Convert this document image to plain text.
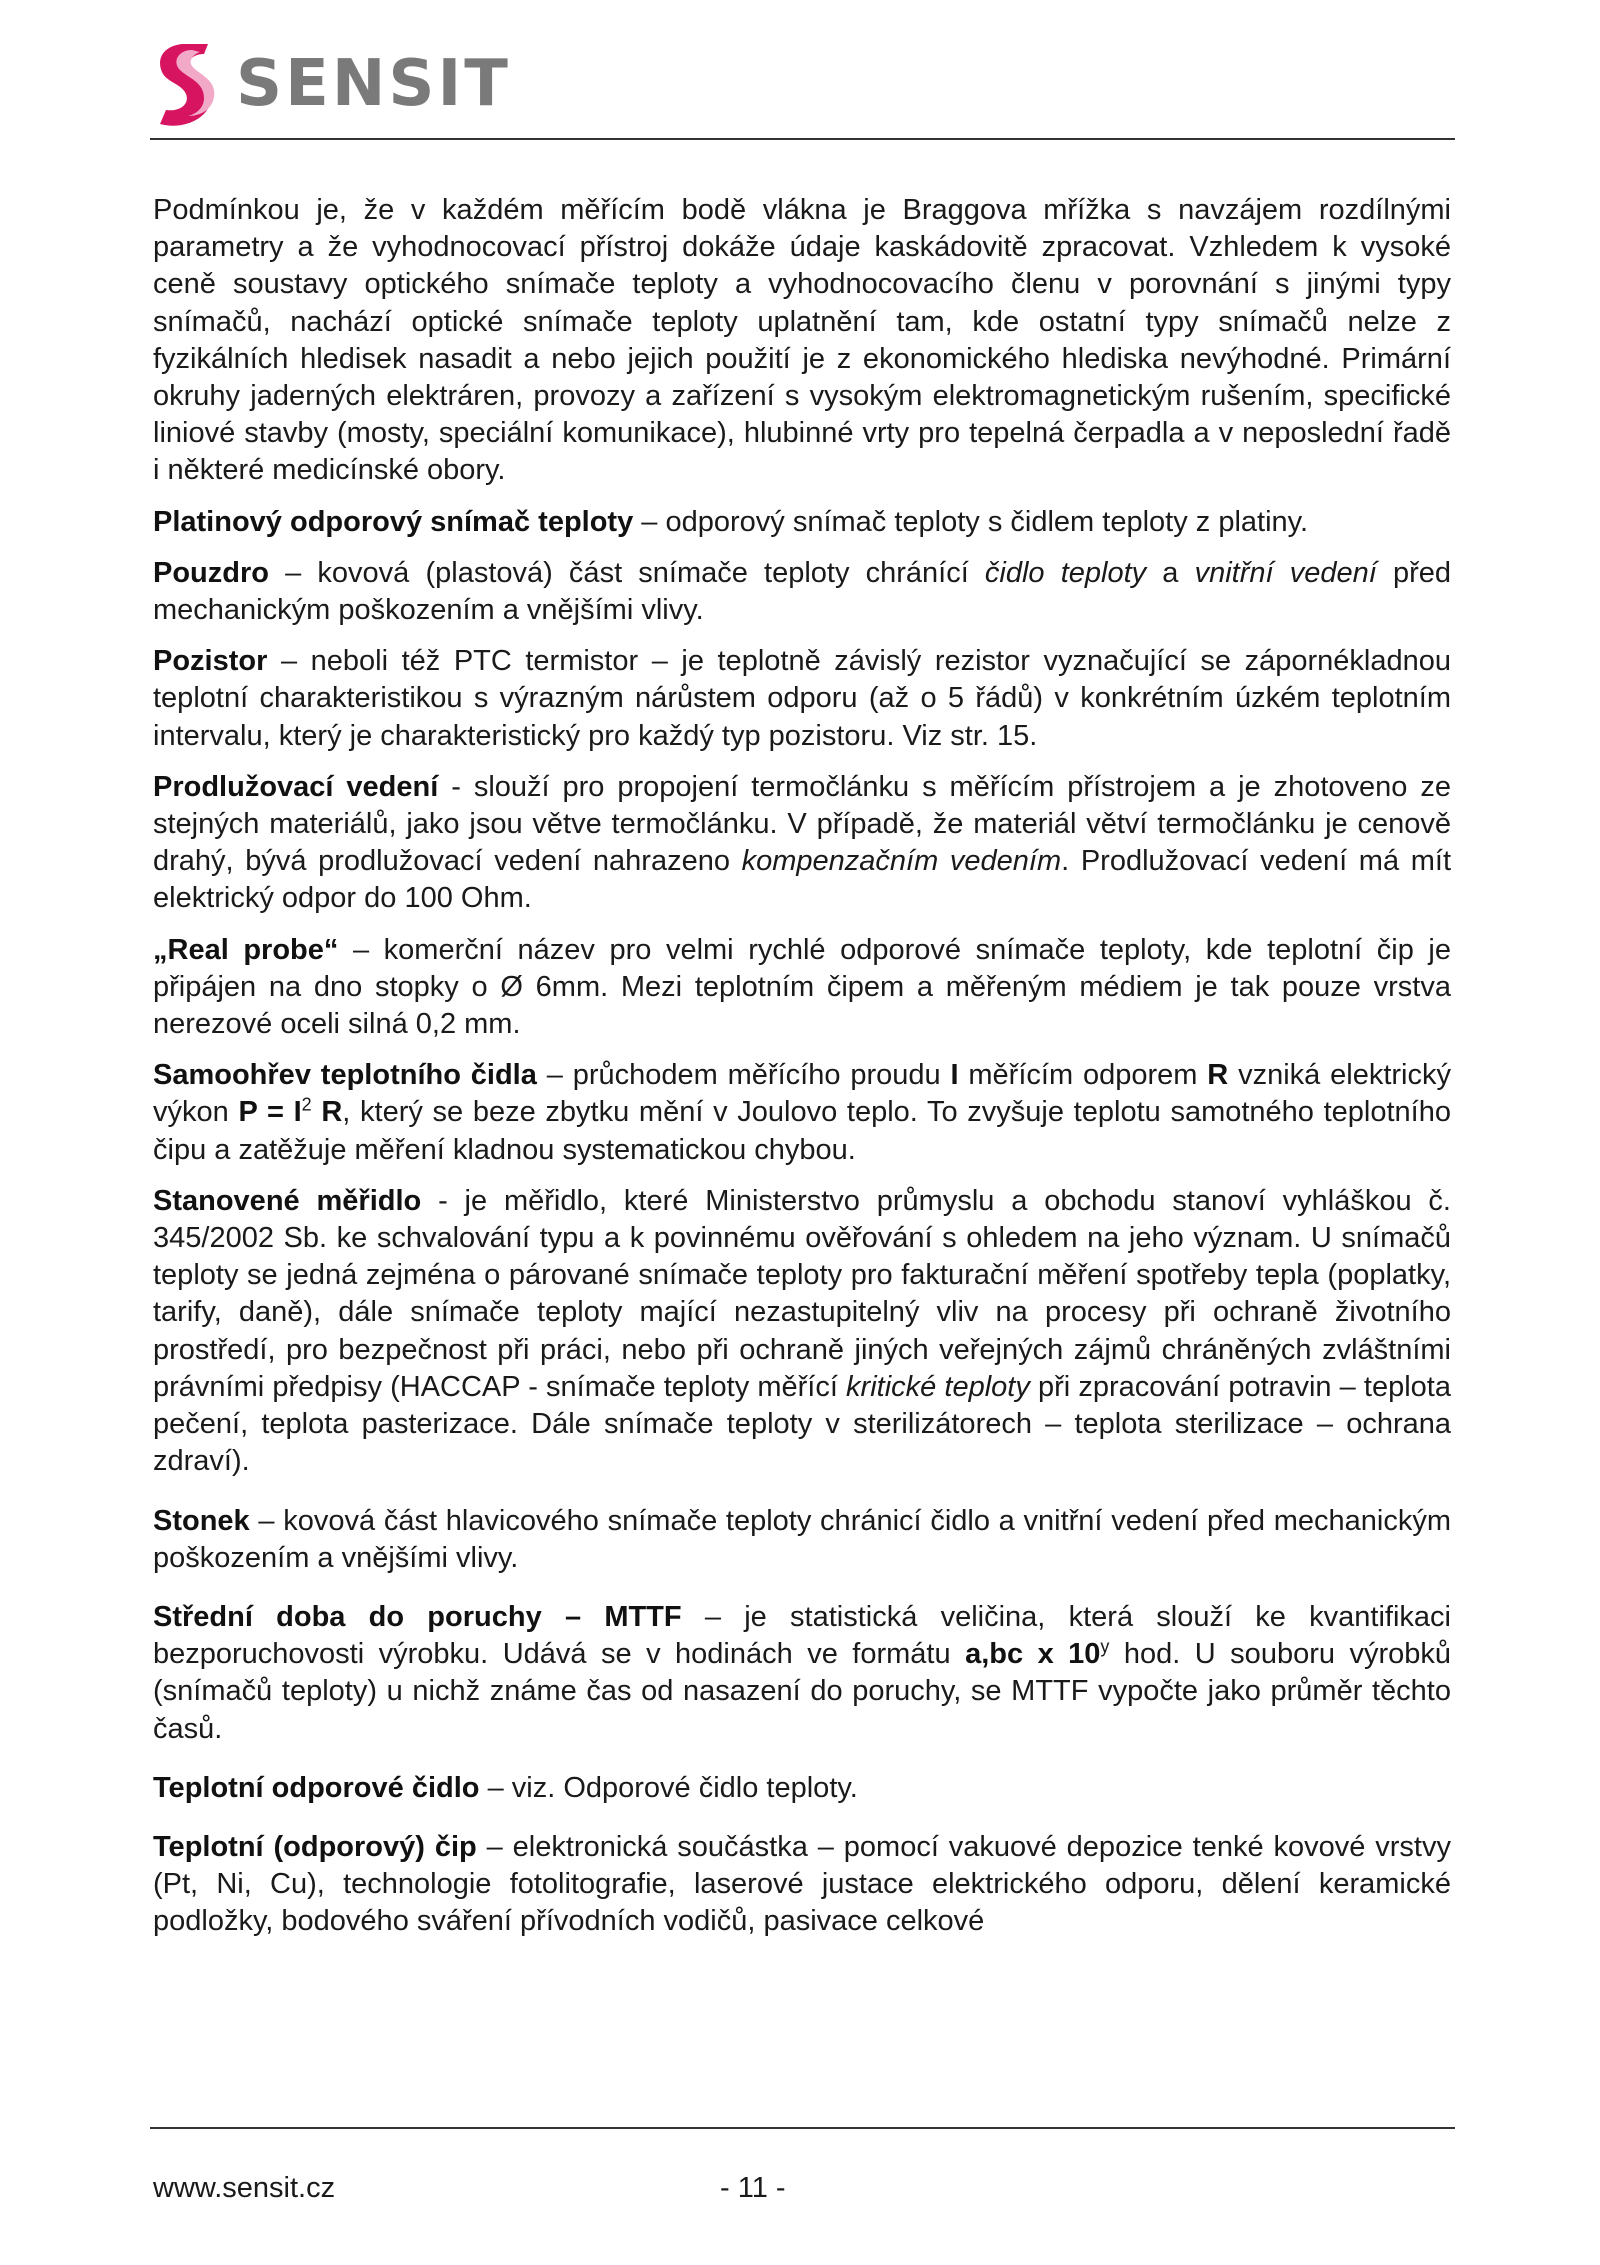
SENSIT

Podmínkou je, že v každém měřícím bodě vlákna je Braggova mřížka s navzájem rozdílnými parametry a že vyhodnocovací přístroj dokáže údaje kaskádovitě zpracovat. Vzhledem k vysoké ceně soustavy optického snímače teploty a vyhodnocovacího členu v porovnání s jinými typy snímačů, nachází optické snímače teploty uplatnění tam, kde ostatní typy snímačů nelze z fyzikálních hledisek nasadit a nebo jejich použití je z ekonomického hlediska nevýhodné. Primární okruhy jaderných elektráren, provozy a zařízení s vysokým elektromagnetickým rušením, specifické liniové stavby (mosty, speciální komunikace), hlubinné vrty pro tepelná čerpadla a v neposlední řadě i některé medicínské obory.

Platinový odporový snímač teploty – odporový snímač teploty s čidlem teploty z platiny.

Pouzdro – kovová (plastová) část snímače teploty chránící čidlo teploty a vnitřní vedení před mechanickým poškozením a vnějšími vlivy.

Pozistor – neboli též PTC termistor – je teplotně závislý rezistor vyznačující se zápornékladnou teplotní charakteristikou s výrazným nárůstem odporu (až o 5 řádů) v konkrétním úzkém teplotním intervalu, který je charakteristický pro každý typ pozistoru. Viz str. 15.

Prodlužovací vedení - slouží pro propojení termočlánku s měřícím přístrojem a je zhotoveno ze stejných materiálů, jako jsou větve termočlánku. V případě, že materiál větví termočlánku je cenově drahý, bývá prodlužovací vedení nahrazeno kompenzačním vedením. Prodlužovací vedení má mít elektrický odpor do 100 Ohm.

„Real probe“ – komerční název pro velmi rychlé odporové snímače teploty, kde teplotní čip je připájen na dno stopky o Ø 6mm. Mezi teplotním čipem a měřeným médiem je tak pouze vrstva nerezové oceli silná 0,2 mm.

Samoohřev teplotního čidla – průchodem měřícího proudu I měřícím odporem R vzniká elektrický výkon $P = I^2$ R, který se beze zbytku mění v Joulovo teplo. To zvyšuje teplotu samotného teplotního čipu a zatěžuje měření kladnou systematickou chybou.

Stanovené měřidlo - je měřidlo, které Ministerstvo průmyslu a obchodu stanoví vyhláškou č. 345/2002 Sb. ke schvalování typu a k povinnému ověřování s ohledem na jeho význam. U snímačů teploty se jedná zejména o párované snímače teploty pro fakturační měření spotřeby tepla (poplatky, tarify, daně), dále snímače teploty mající nezastupitelný vliv na procesy při ochraně životního prostředí, pro bezpečnost při práci, nebo při ochraně jiných veřejných zájmů chráněných zvláštními právními předpisy (HACCAP - snímače teploty měřící kritické teploty při zpracování potravin – teplota pečení, teplota pasterizace. Dále snímače teploty v sterilizátorech – teplota sterilizace – ochrana zdraví).

Stonek – kovová část hlavicového snímače teploty chránicí čidlo a vnitřní vedení před mechanickým poškozením a vnějšími vlivy.

Střední doba do poruchy – MTTF – je statistická veličina, která slouží ke kvantifikaci bezporuchovosti výrobku. Udává se v hodinách ve formátu a,bc x 10$^y$ hod. U souboru výrobků (snímačů teploty) u nichž známe čas od nasazení do poruchy, se MTTF vypočte jako průměr těchto časů.

Teplotní odporové čidlo – viz. Odporové čidlo teploty.

Teplotní (odporový) čip – elektronická součástka – pomocí vakuové depozice tenké kovové vrstvy (Pt, Ni, Cu), technologie fotolitografie, laserové justace elektrického odporu, dělení keramické podložky, bodového sváření přívodních vodičů, pasivace celkové

www.sensit.cz	- 11 -
